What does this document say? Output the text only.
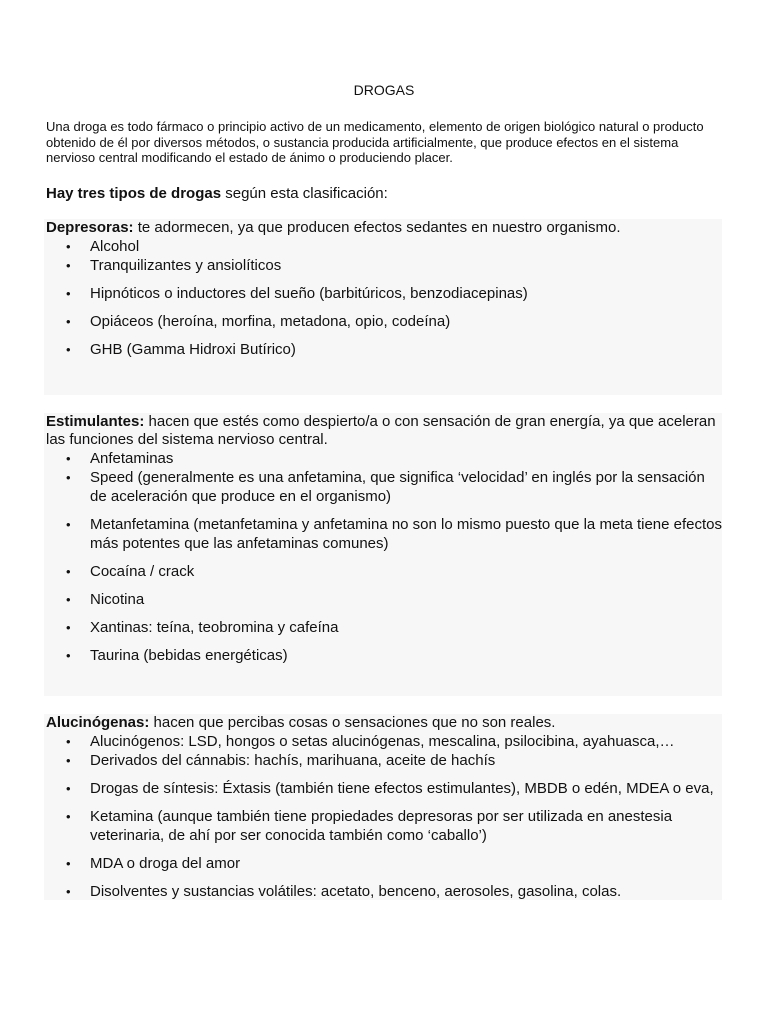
DROGAS
Una droga es todo fármaco o principio activo de un medicamento, elemento de origen biológico natural o producto obtenido de él por diversos métodos, o sustancia producida artificialmente, que produce efectos en el sistema nervioso central modificando el estado de ánimo o produciendo placer.
Hay tres tipos de drogas según esta clasificación:
Depresoras: te adormecen, ya que producen efectos sedantes en nuestro organismo.
• Alcohol
• Tranquilizantes y ansiolíticos
• Hipnóticos o inductores del sueño (barbitúricos, benzodiacepinas)
• Opiáceos (heroína, morfina, metadona, opio, codeína)
• GHB (Gamma Hidroxi Butírico)
Estimulantes: hacen que estés como despierto/a o con sensación de gran energía, ya que aceleran las funciones del sistema nervioso central.
• Anfetaminas
• Speed (generalmente es una anfetamina, que significa ‘velocidad’ en inglés por la sensación de aceleración que produce en el organismo)
• Metanfetamina (metanfetamina y anfetamina no son lo mismo puesto que la meta tiene efectos más potentes que las anfetaminas comunes)
• Cocaína / crack
• Nicotina
• Xantinas: teína, teobromina y cafeína
• Taurina (bebidas energéticas)
Alucinógenas: hacen que percibas cosas o sensaciones que no son reales.
• Alucinógenos: LSD, hongos o setas alucinógenas, mescalina, psilocibina, ayahuasca,…
• Derivados del cánnabis: hachís, marihuana, aceite de hachís
• Drogas de síntesis: Éxtasis (también tiene efectos estimulantes), MBDB o edén, MDEA o eva,
• Ketamina (aunque también tiene propiedades depresoras por ser utilizada en anestesia veterinaria, de ahí por ser conocida también como ‘caballo’)
• MDA o droga del amor
• Disolventes y sustancias volátiles: acetato, benceno, aerosoles, gasolina, colas.
